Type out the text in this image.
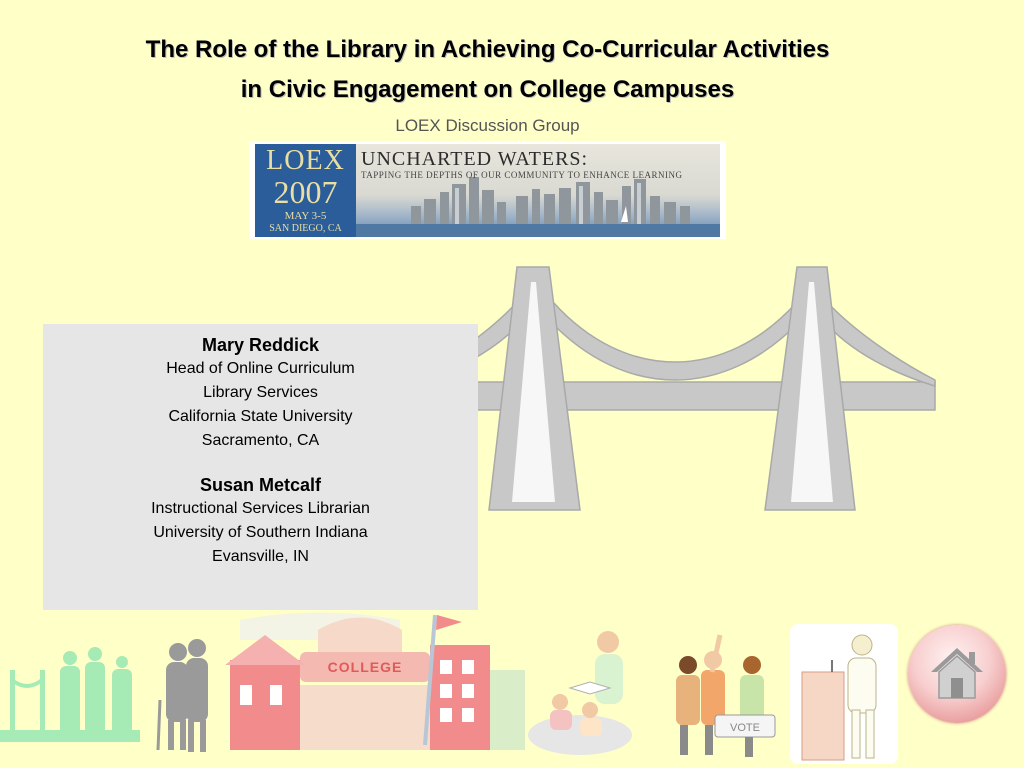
The Role of the Library in Achieving Co-Curricular Activities
in Civic Engagement on College Campuses
LOEX Discussion Group
LOEX
2007
MAY 3-5
SAN DIEGO, CA
UNCHARTED WATERS:
TAPPING THE DEPTHS OF OUR COMMUNITY TO ENHANCE LEARNING
Mary Reddick
Head of Online Curriculum
Library Services
California State University
Sacramento, CA
Susan Metcalf
Instructional Services Librarian
University of Southern Indiana
Evansville, IN
COLLEGE
VOTE
